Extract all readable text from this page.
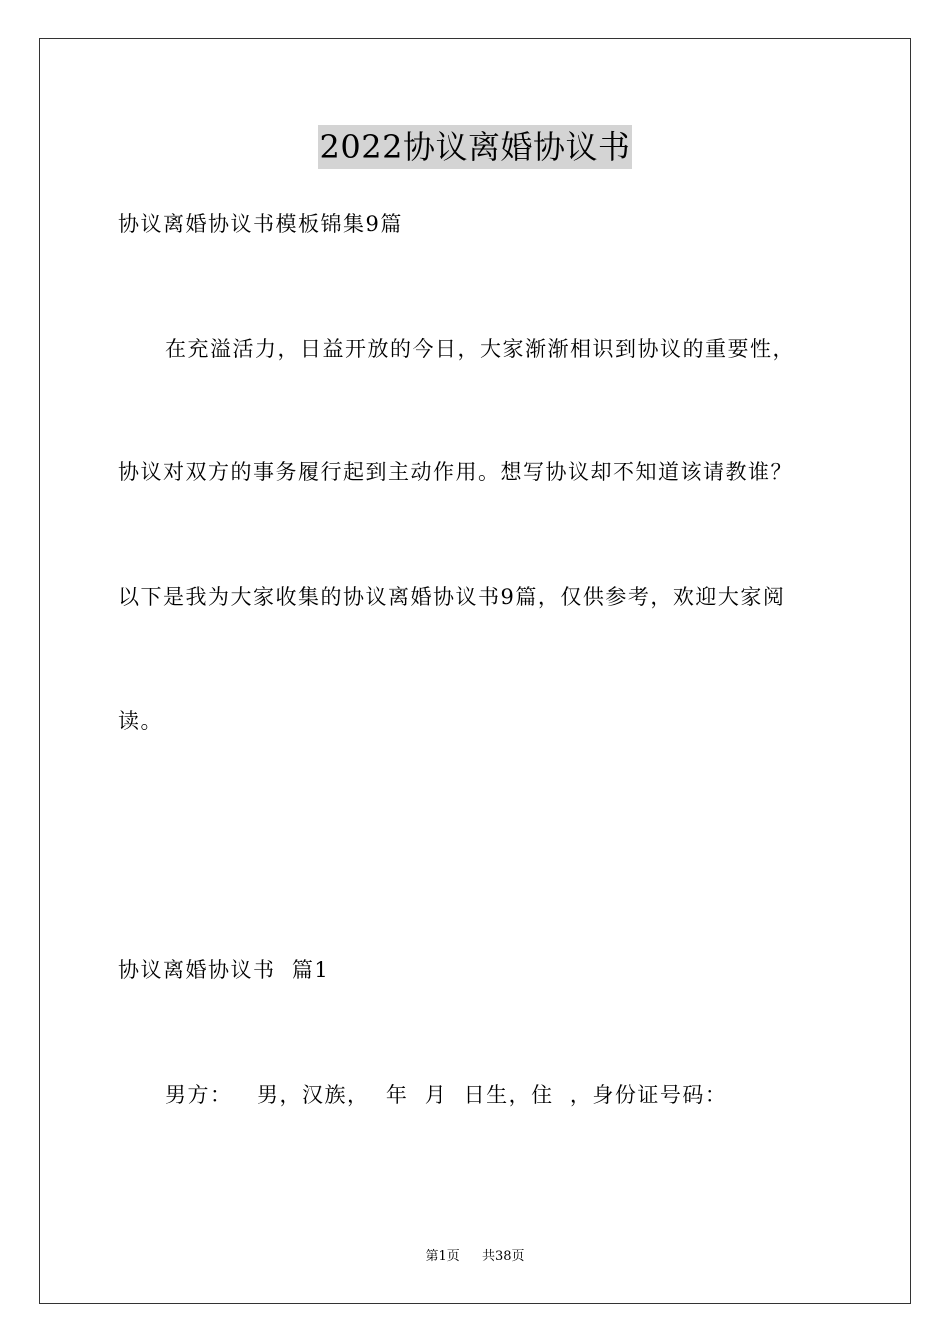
2022协议离婚协议书
协议离婚协议书模板锦集9篇
在充溢活力，日益开放的今日，大家渐渐相识到协议的重要性，
协议对双方的事务履行起到主动作用。想写协议却不知道该请教谁？
以下是我为大家收集的协议离婚协议书9篇，仅供参考，欢迎大家阅
读。
协议离婚协议书  篇1
男方：   男，汉族，  年  月  日生，住  ，身份证号码：
第1页 共38页
